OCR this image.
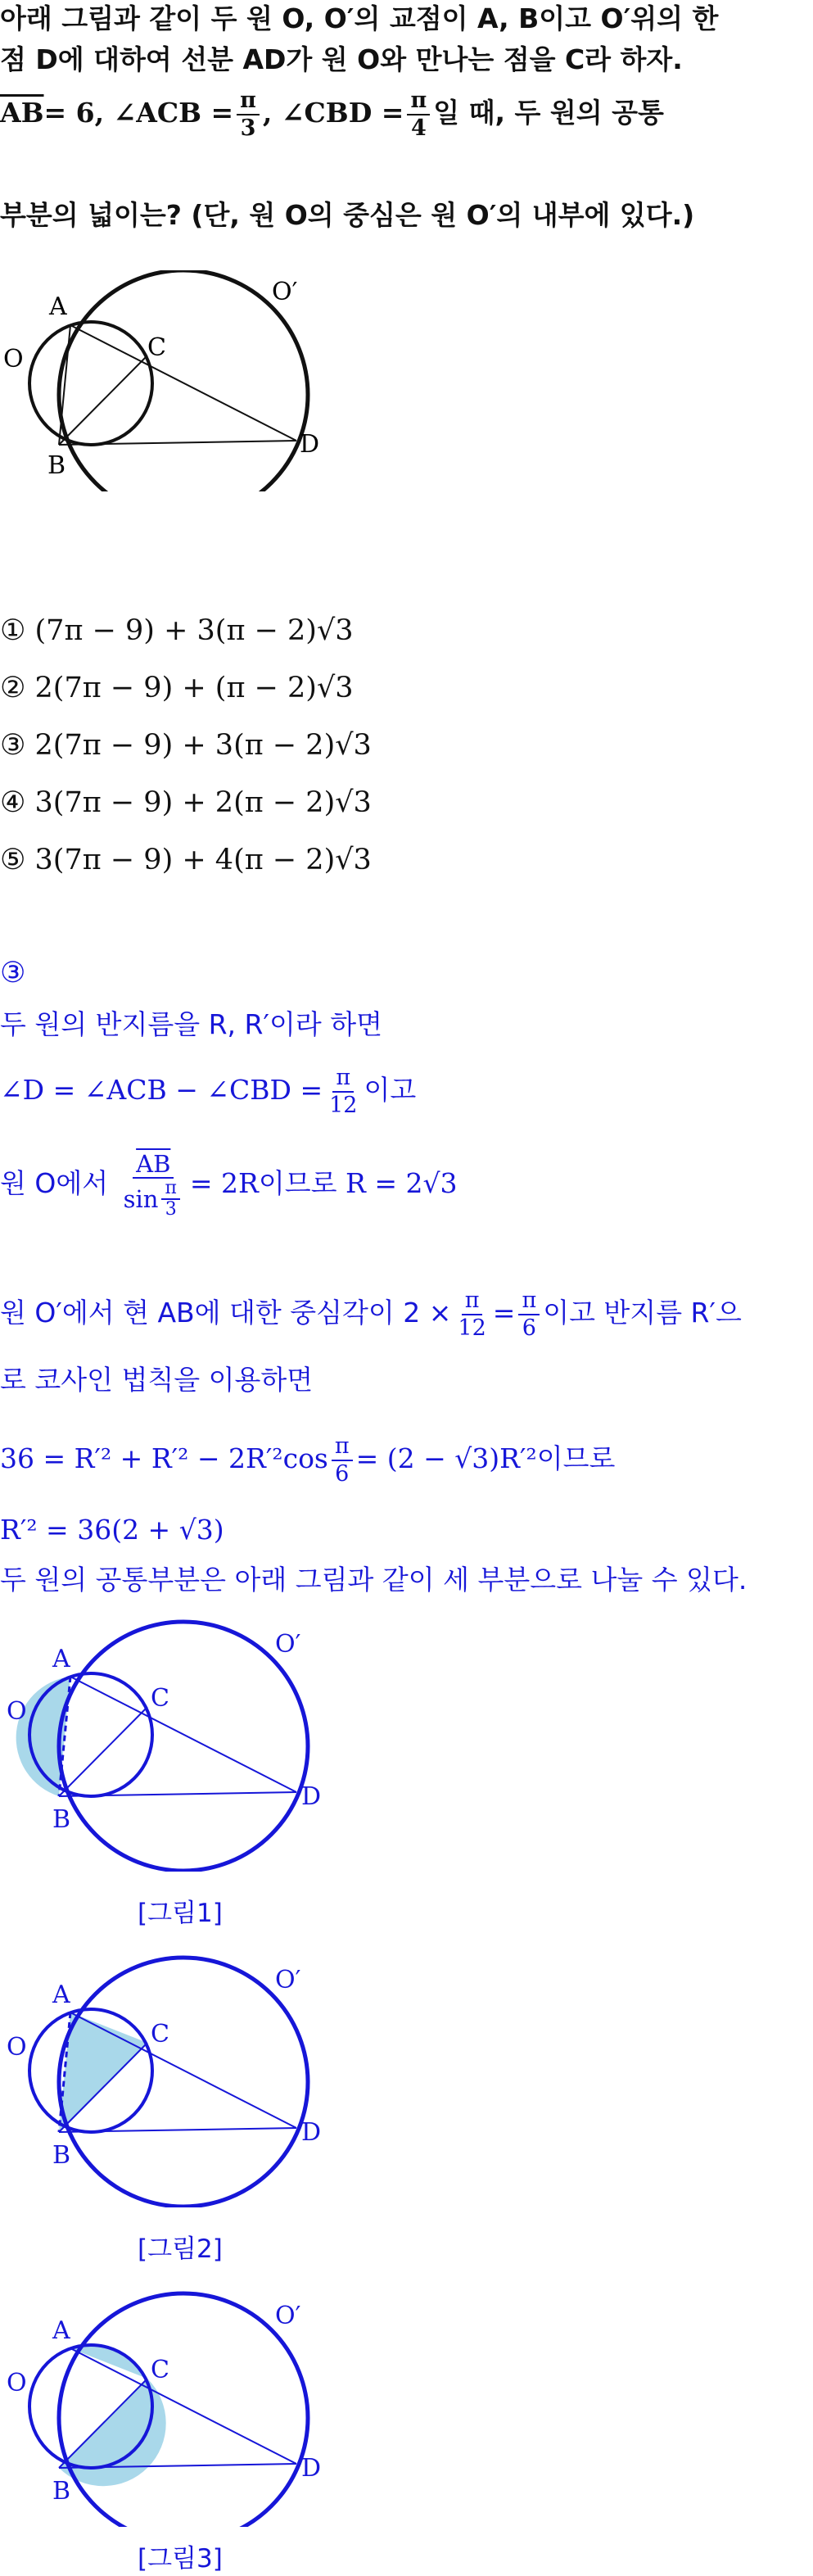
아래 그림과 같이 두 원 O, O′의 교점이 A, B이고 O′위의 한
점 D에 대하여 선분 AD가 원 O와 만나는 점을 C라 하자.
$\overline{AB}= 6$, ∠ACB = $\frac{\pi}{3}$ , ∠CBD = $\frac{\pi}{4}$ 일 때, 두 원의 공통
부분의 넓이는? (단, 원 O의 중심은 원 O′의 내부에 있다.)
A
B
C
D
O
O′
① (7π − 9) + 3(π − 2)√3
② 2(7π − 9) + (π − 2)√3
③ 2(7π − 9) + 3(π − 2)√3
④ 3(7π − 9) + 2(π − 2)√3
⑤ 3(7π − 9) + 4(π − 2)√3
③
두 원의 반지름을 R, R′이라 하면
∠D = ∠ACB − ∠CBD = $\frac{\pi}{12}$ 이고
원 O에서 $\frac{\overline{AB}}{\sin \frac{\pi}{3}} = 2R$이므로 R = 2√3
원 O′에서 현 AB에 대한 중심각이 $2 \times \frac{\pi}{12} = \frac{\pi}{6}$ 이고 반지름 R′으
로 코사인 법칙을 이용하면
$36 = R'^2 + R'^2 - 2R'^2\cos \frac{\pi}{6} = (2 - √3)R'^2$이므로
R′² = 36(2 + √3)
두 원의 공통부분은 아래 그림과 같이 세 부분으로 나눌 수 있다.
A
B
C
D
O
O′
[그림1]
A
B
C
D
O
O′
[그림2]
A
B
C
D
O
O′
[그림3]
